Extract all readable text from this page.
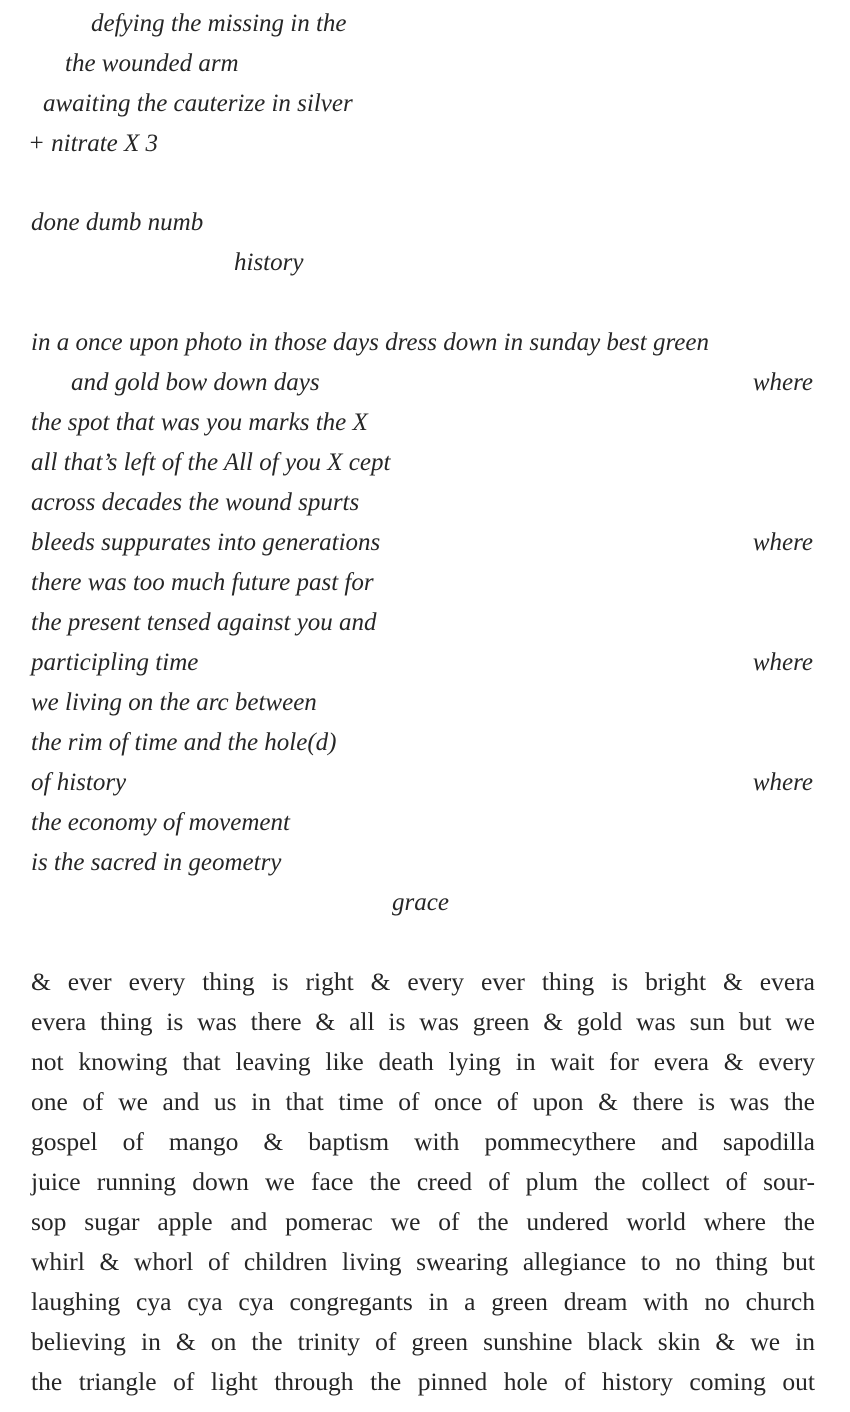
defying the missing in the
the wounded arm
awaiting the cauterize in silver
+ nitrate X 3
done dumb numb
history
in a once upon photo in those days dress down in sunday best green
and gold bow down days	where
the spot that was you marks the X
all that’s left of the All of you X cept
across decades the wound spurts
bleeds suppurates into generations	where
there was too much future past for
the present tensed against you and
participling time	where
we living on the arc between
the rim of time and the hole(d)
of history	where
the economy of movement
is the sacred in geometry
grace
& ever every thing is right & every ever thing is bright & evera
evera thing is was there & all is was green & gold was sun but we
not knowing that leaving like death lying in wait for evera & every
one of we and us in that time of once of upon & there is was the
gospel of mango & baptism with pommecythere and sapodilla
juice running down we face the creed of plum the collect of sour-
sop sugar apple and pomerac we of the undered world where the
whirl & whorl of children living swearing allegiance to no thing but
laughing cya cya cya congregants in a green dream with no church
believing in & on the trinity of green sunshine black skin & we in
the triangle of light through the pinned hole of history coming out
